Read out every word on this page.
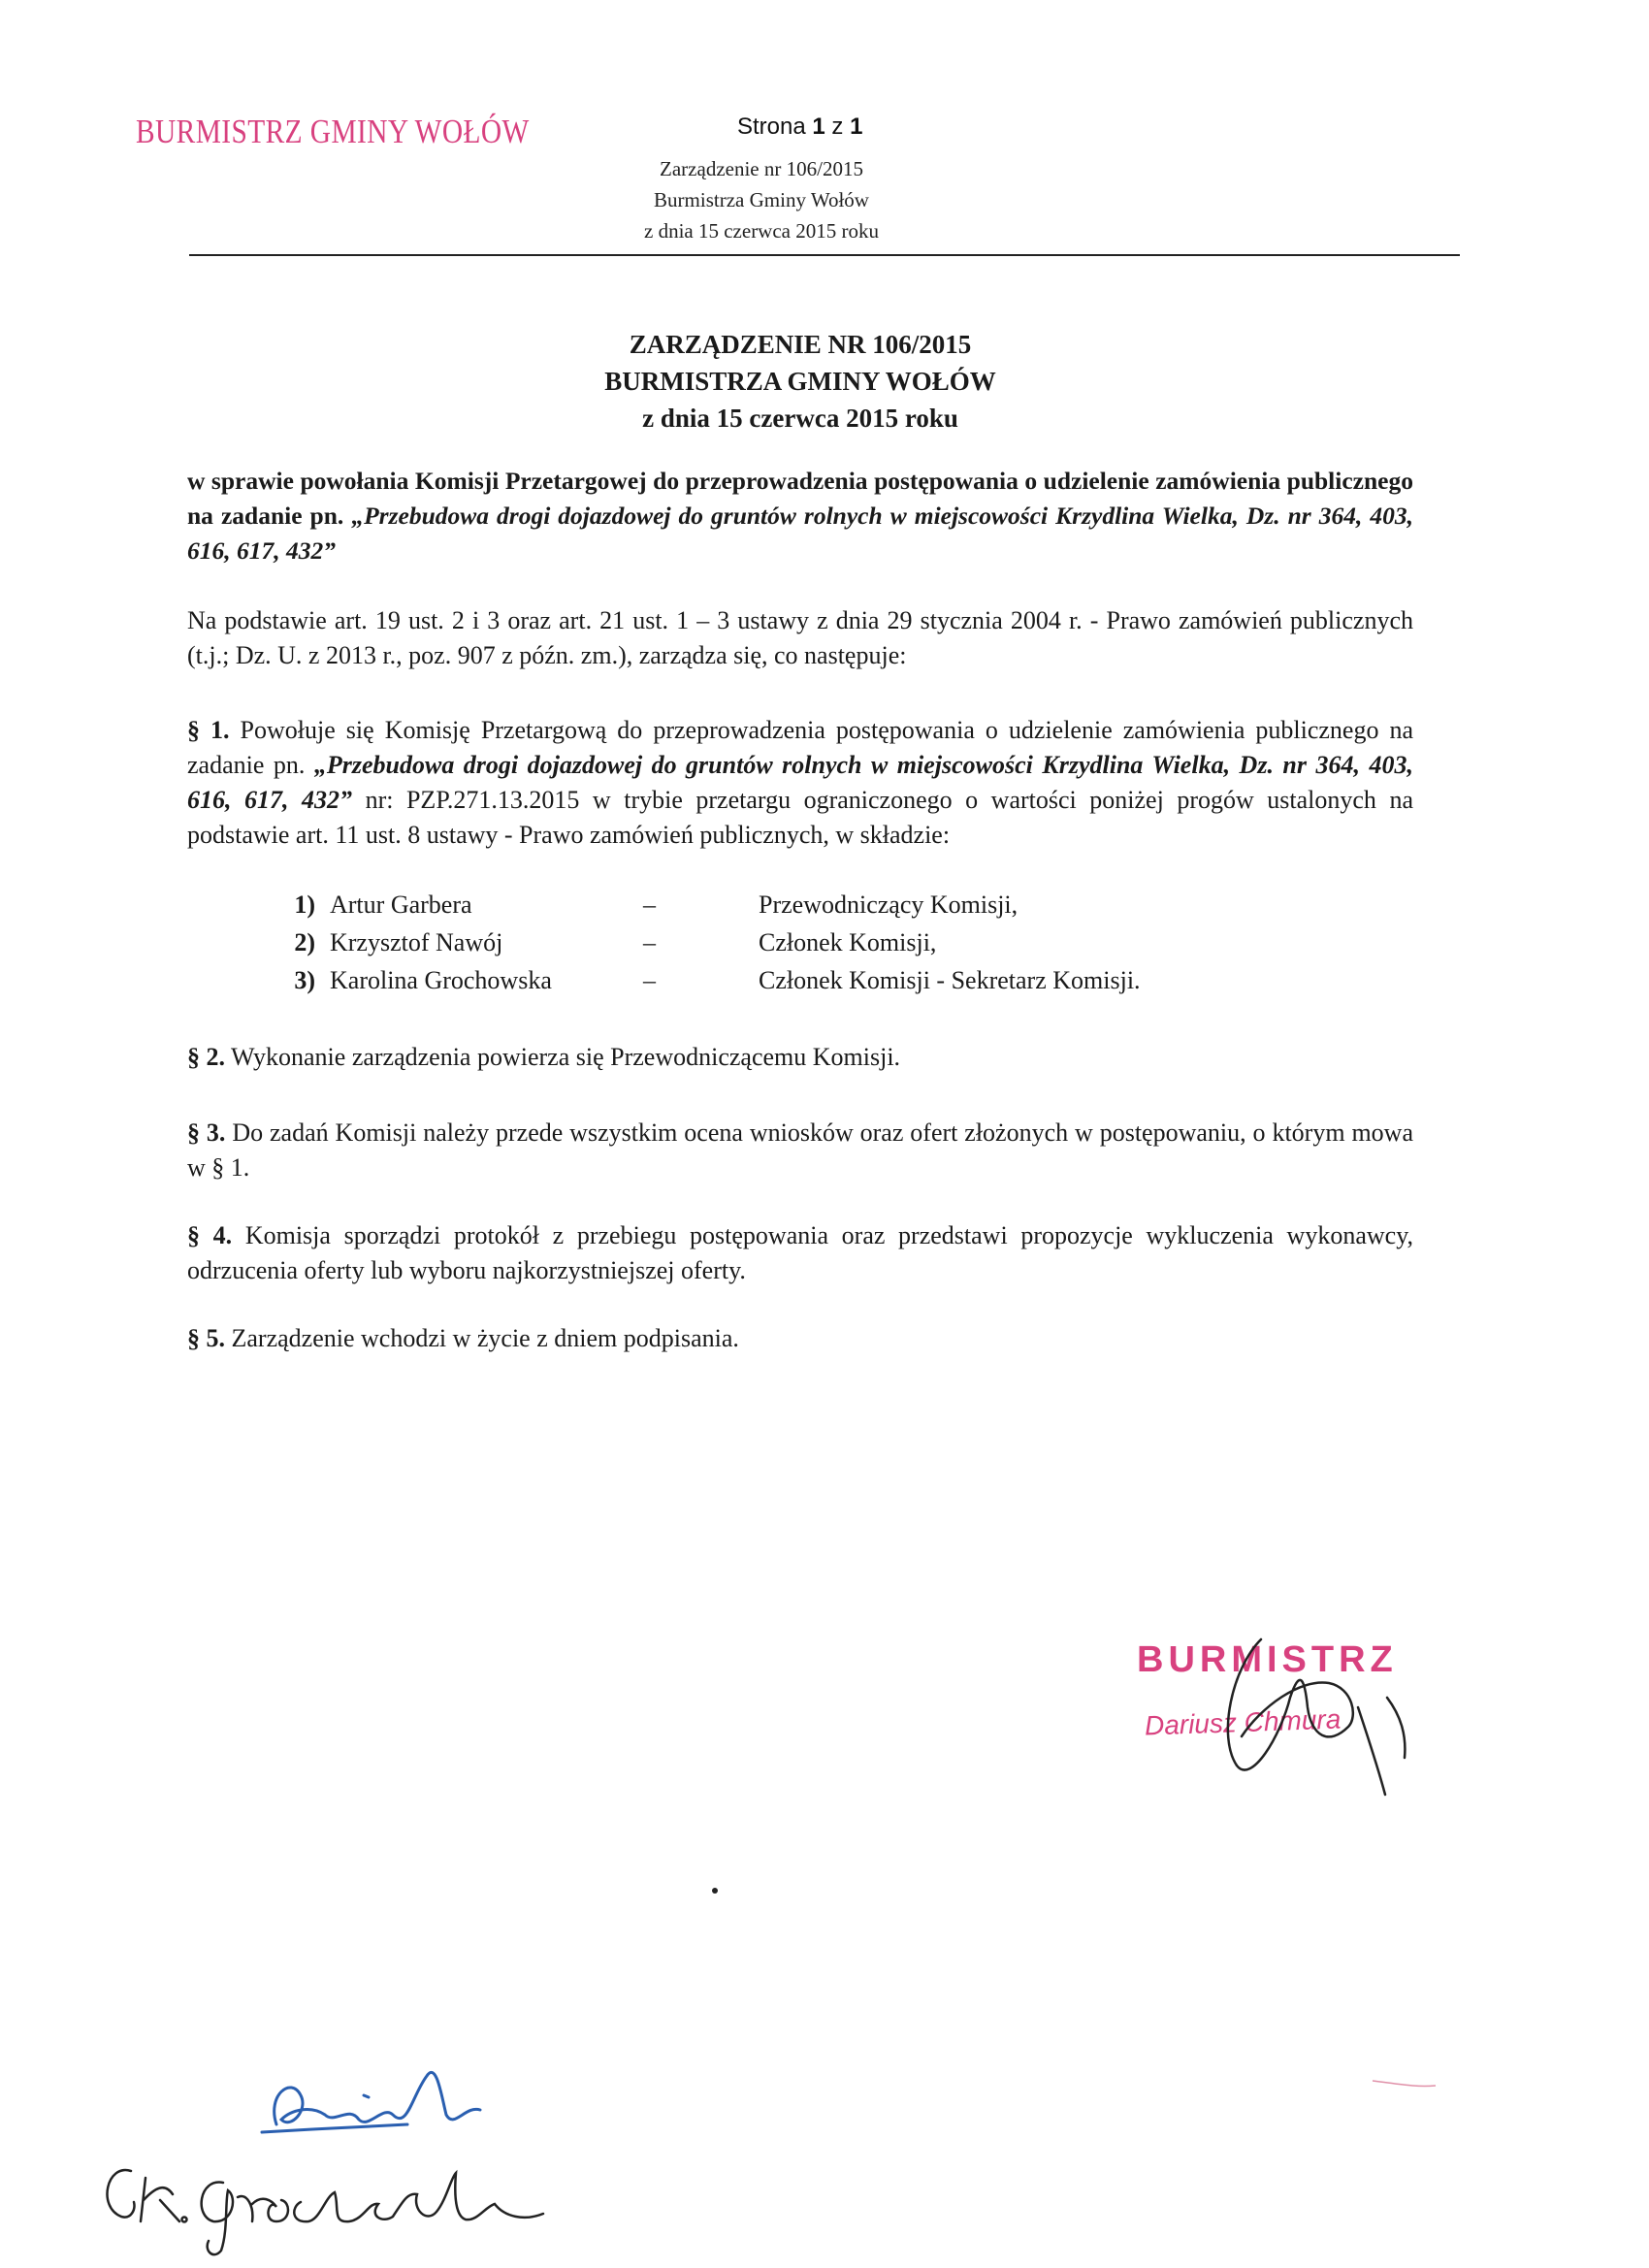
BURMISTRZ GMINY WOŁÓW	Strona 1 z 1
Zarządzenie nr 106/2015
Burmistrza Gminy Wołów
z dnia 15 czerwca 2015 roku
ZARZĄDZENIE NR 106/2015
BURMISTRZA GMINY WOŁÓW
z dnia 15 czerwca 2015 roku
w sprawie powołania Komisji Przetargowej do przeprowadzenia postępowania o udzielenie zamówienia publicznego na zadanie pn. „Przebudowa drogi dojazdowej do gruntów rolnych w miejscowości Krzydlina Wielka, Dz. nr 364, 403, 616, 617, 432”
Na podstawie art. 19 ust. 2 i 3 oraz art. 21 ust. 1 – 3 ustawy z dnia 29 stycznia 2004 r. - Prawo zamówień publicznych (t.j.; Dz. U. z 2013 r., poz. 907 z późn. zm.), zarządza się, co następuje:
§ 1. Powołuje się Komisję Przetargową do przeprowadzenia postępowania o udzielenie zamówienia publicznego na zadanie pn. „Przebudowa drogi dojazdowej do gruntów rolnych w miejscowości Krzydlina Wielka, Dz. nr 364, 403, 616, 617, 432” nr: PZP.271.13.2015 w trybie przetargu ograniczonego o wartości poniżej progów ustalonych na podstawie art. 11 ust. 8 ustawy - Prawo zamówień publicznych, w składzie:
1) Artur Garbera	–	Przewodniczący Komisji,
2) Krzysztof Nawój	–	Członek Komisji,
3) Karolina Grochowska	–	Członek Komisji - Sekretarz Komisji.
§ 2. Wykonanie zarządzenia powierza się Przewodniczącemu Komisji.
§ 3. Do zadań Komisji należy przede wszystkim ocena wniosków oraz ofert złożonych w postępowaniu, o którym mowa w § 1.
§ 4. Komisja sporządzi protokół z przebiegu postępowania oraz przedstawi propozycje wykluczenia wykonawcy, odrzucenia oferty lub wyboru najkorzystniejszej oferty.
§ 5. Zarządzenie wchodzi w życie z dniem podpisania.
BURMISTRZ
Dariusz Chmura
